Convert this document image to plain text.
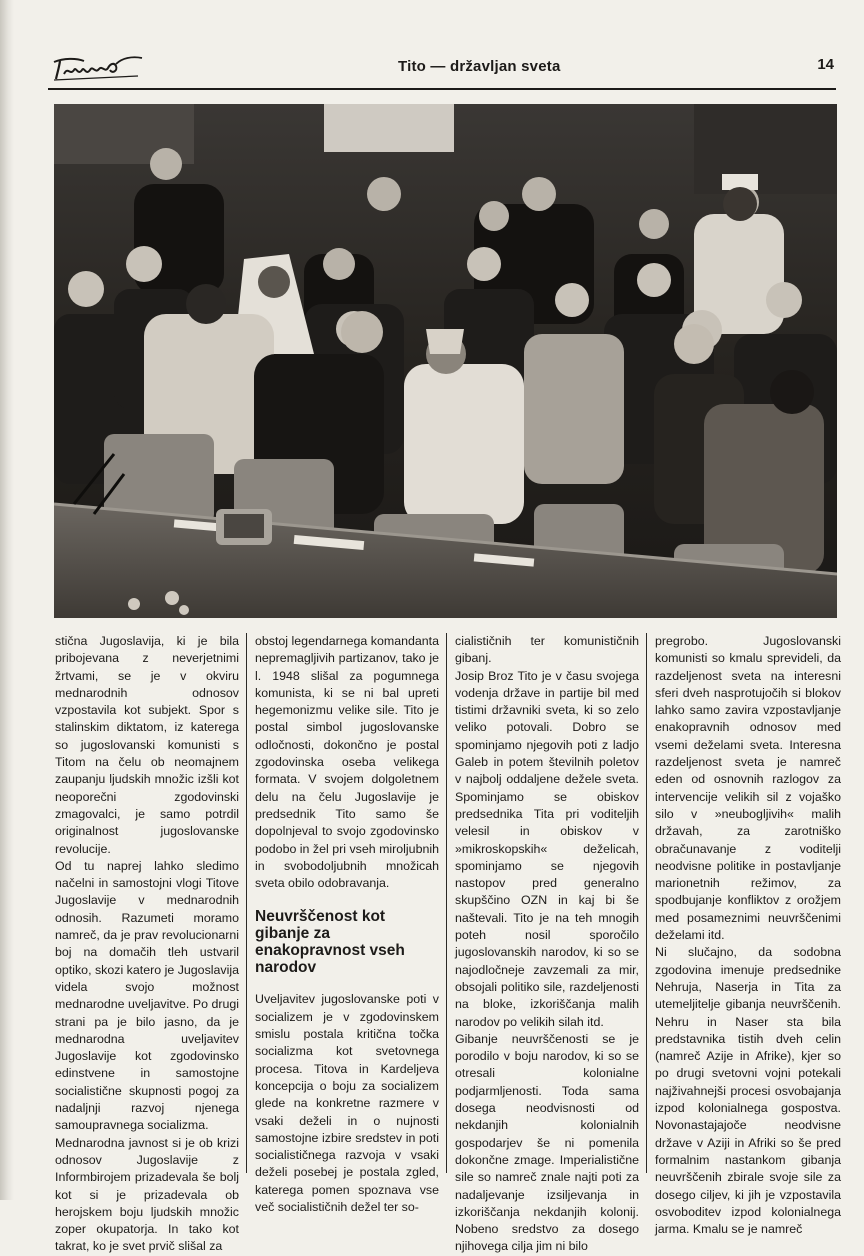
Tito — državljan sveta	14

stična Jugoslavija, ki je bila pribojevana z neverjetnimi žrtvami, se je v okviru mednarodnih odnosov vzpostavila kot subjekt. Spor s stalinskim diktatom, iz katerega so jugoslovanski komunisti s Titom na čelu ob neomajnem zaupanju ljudskih množic izšli kot neoporečni zgodovinski zmagovalci, je samo potrdil originalnost jugoslovanske revolucije.

Od tu naprej lahko sledimo načelni in samostojni vlogi Titove Jugoslavije v mednarodnih odnosih. Razumeti moramo namreč, da je prav revolucionarni boj na domačih tleh ustvaril optiko, skozi katero je Jugoslavija videla svojo možnost mednarodne uveljavitve. Po drugi strani pa je bilo jasno, da je mednarodna uveljavitev Jugoslavije kot zgodovinsko edinstvene in samostojne socialistične skupnosti pogoj za nadaljnji razvoj njenega samoupravnega socializma.

Mednarodna javnost si je ob krizi odnosov Jugoslavije z Informbirojem prizadevala še bolj kot si je prizadevala ob herojskem boju ljudskih množic zoper okupatorja. In tako kot takrat, ko je svet prvič slišal za

obstoj legendarnega komandanta nepremagljivih partizanov, tako je l. 1948 slišal za pogumnega komunista, ki se ni bal upreti hegemonizmu velike sile. Tito je postal simbol jugoslovanske odločnosti, dokončno je postal zgodovinska oseba velikega formata. V svojem dolgoletnem delu na čelu Jugoslavije je predsednik Tito samo še dopolnjeval to svojo zgodovinsko podobo in žel pri vseh miroljubnih in svobodoljubnih množicah sveta obilo odobravanja.

Neuvrščenost kot gibanje za enakopravnost vseh narodov

Uveljavitev jugoslovanske poti v socializem je v zgodovinskem smislu postala kritična točka socializma kot svetovnega procesa. Titova in Kardeljeva koncepcija o boju za socializem glede na konkretne razmere v vsaki deželi in o nujnosti samostojne izbire sredstev in poti socialističnega razvoja v vsaki deželi posebej je postala zgled, katerega pomen spoznava vse več socialističnih dežel ter so-

cialističnih ter komunističnih gibanj.

Josip Broz Tito je v času svojega vodenja države in partije bil med tistimi državniki sveta, ki so zelo veliko potovali. Dobro se spominjamo njegovih poti z ladjo Galeb in potem številnih poletov v najbolj oddaljene dežele sveta. Spominjamo se obiskov predsednika Tita pri voditeljih velesil in obiskov v »mikroskopskih« deželicah, spominjamo se njegovih nastopov pred generalno skupščino OZN in kaj bi še naštevali. Tito je na teh mnogih poteh nosil sporočilo jugoslovanskih narodov, ki so se najodločneje zavzemali za mir, obsojali politiko sile, razdeljenosti na bloke, izkoriščanja malih narodov po velikih silah itd.

Gibanje neuvrščenosti se je porodilo v boju narodov, ki so se otresali kolonialne podjarmljenosti. Toda sama dosega neodvisnosti od nekdanjih kolonialnih gospodarjev še ni pomenila dokončne zmage. Imperialistične sile so namreč znale najti poti za nadaljevanje izsiljevanja in izkoriščanja nekdanjih kolonij. Nobeno sredstvo za dosego njihovega cilja jim ni bilo

pregrobo. Jugoslovanski komunisti so kmalu sprevideli, da razdeljenost sveta na interesni sferi dveh nasprotujočih si blokov lahko samo zavira vzpostavljanje enakopravnih odnosov med vsemi deželami sveta. Interesna razdeljenost sveta je namreč eden od osnovnih razlogov za intervencije velikih sil z vojaško silo v »neubogljivih« malih državah, za zarotniško obračunavanje z voditelji neodvisne politike in postavljanje marionetnih režimov, za spodbujanje konfliktov z orožjem med posameznimi neuvrščenimi deželami itd.

Ni slučajno, da sodobna zgodovina imenuje predsednike Nehruja, Naserja in Tita za utemeljitelje gibanja neuvrščenih. Nehru in Naser sta bila predstavnika tistih dveh celin (namreč Azije in Afrike), kjer so po drugi svetovni vojni potekali najživahnejši procesi osvobajanja izpod kolonialnega gospostva. Novonastajajoče neodvisne države v Aziji in Afriki so še pred formalnim nastankom gibanja neuvrščenih zbirale svoje sile za dosego ciljev, ki jih je vzpostavila osvoboditev izpod kolonialnega jarma. Kmalu se je namreč
